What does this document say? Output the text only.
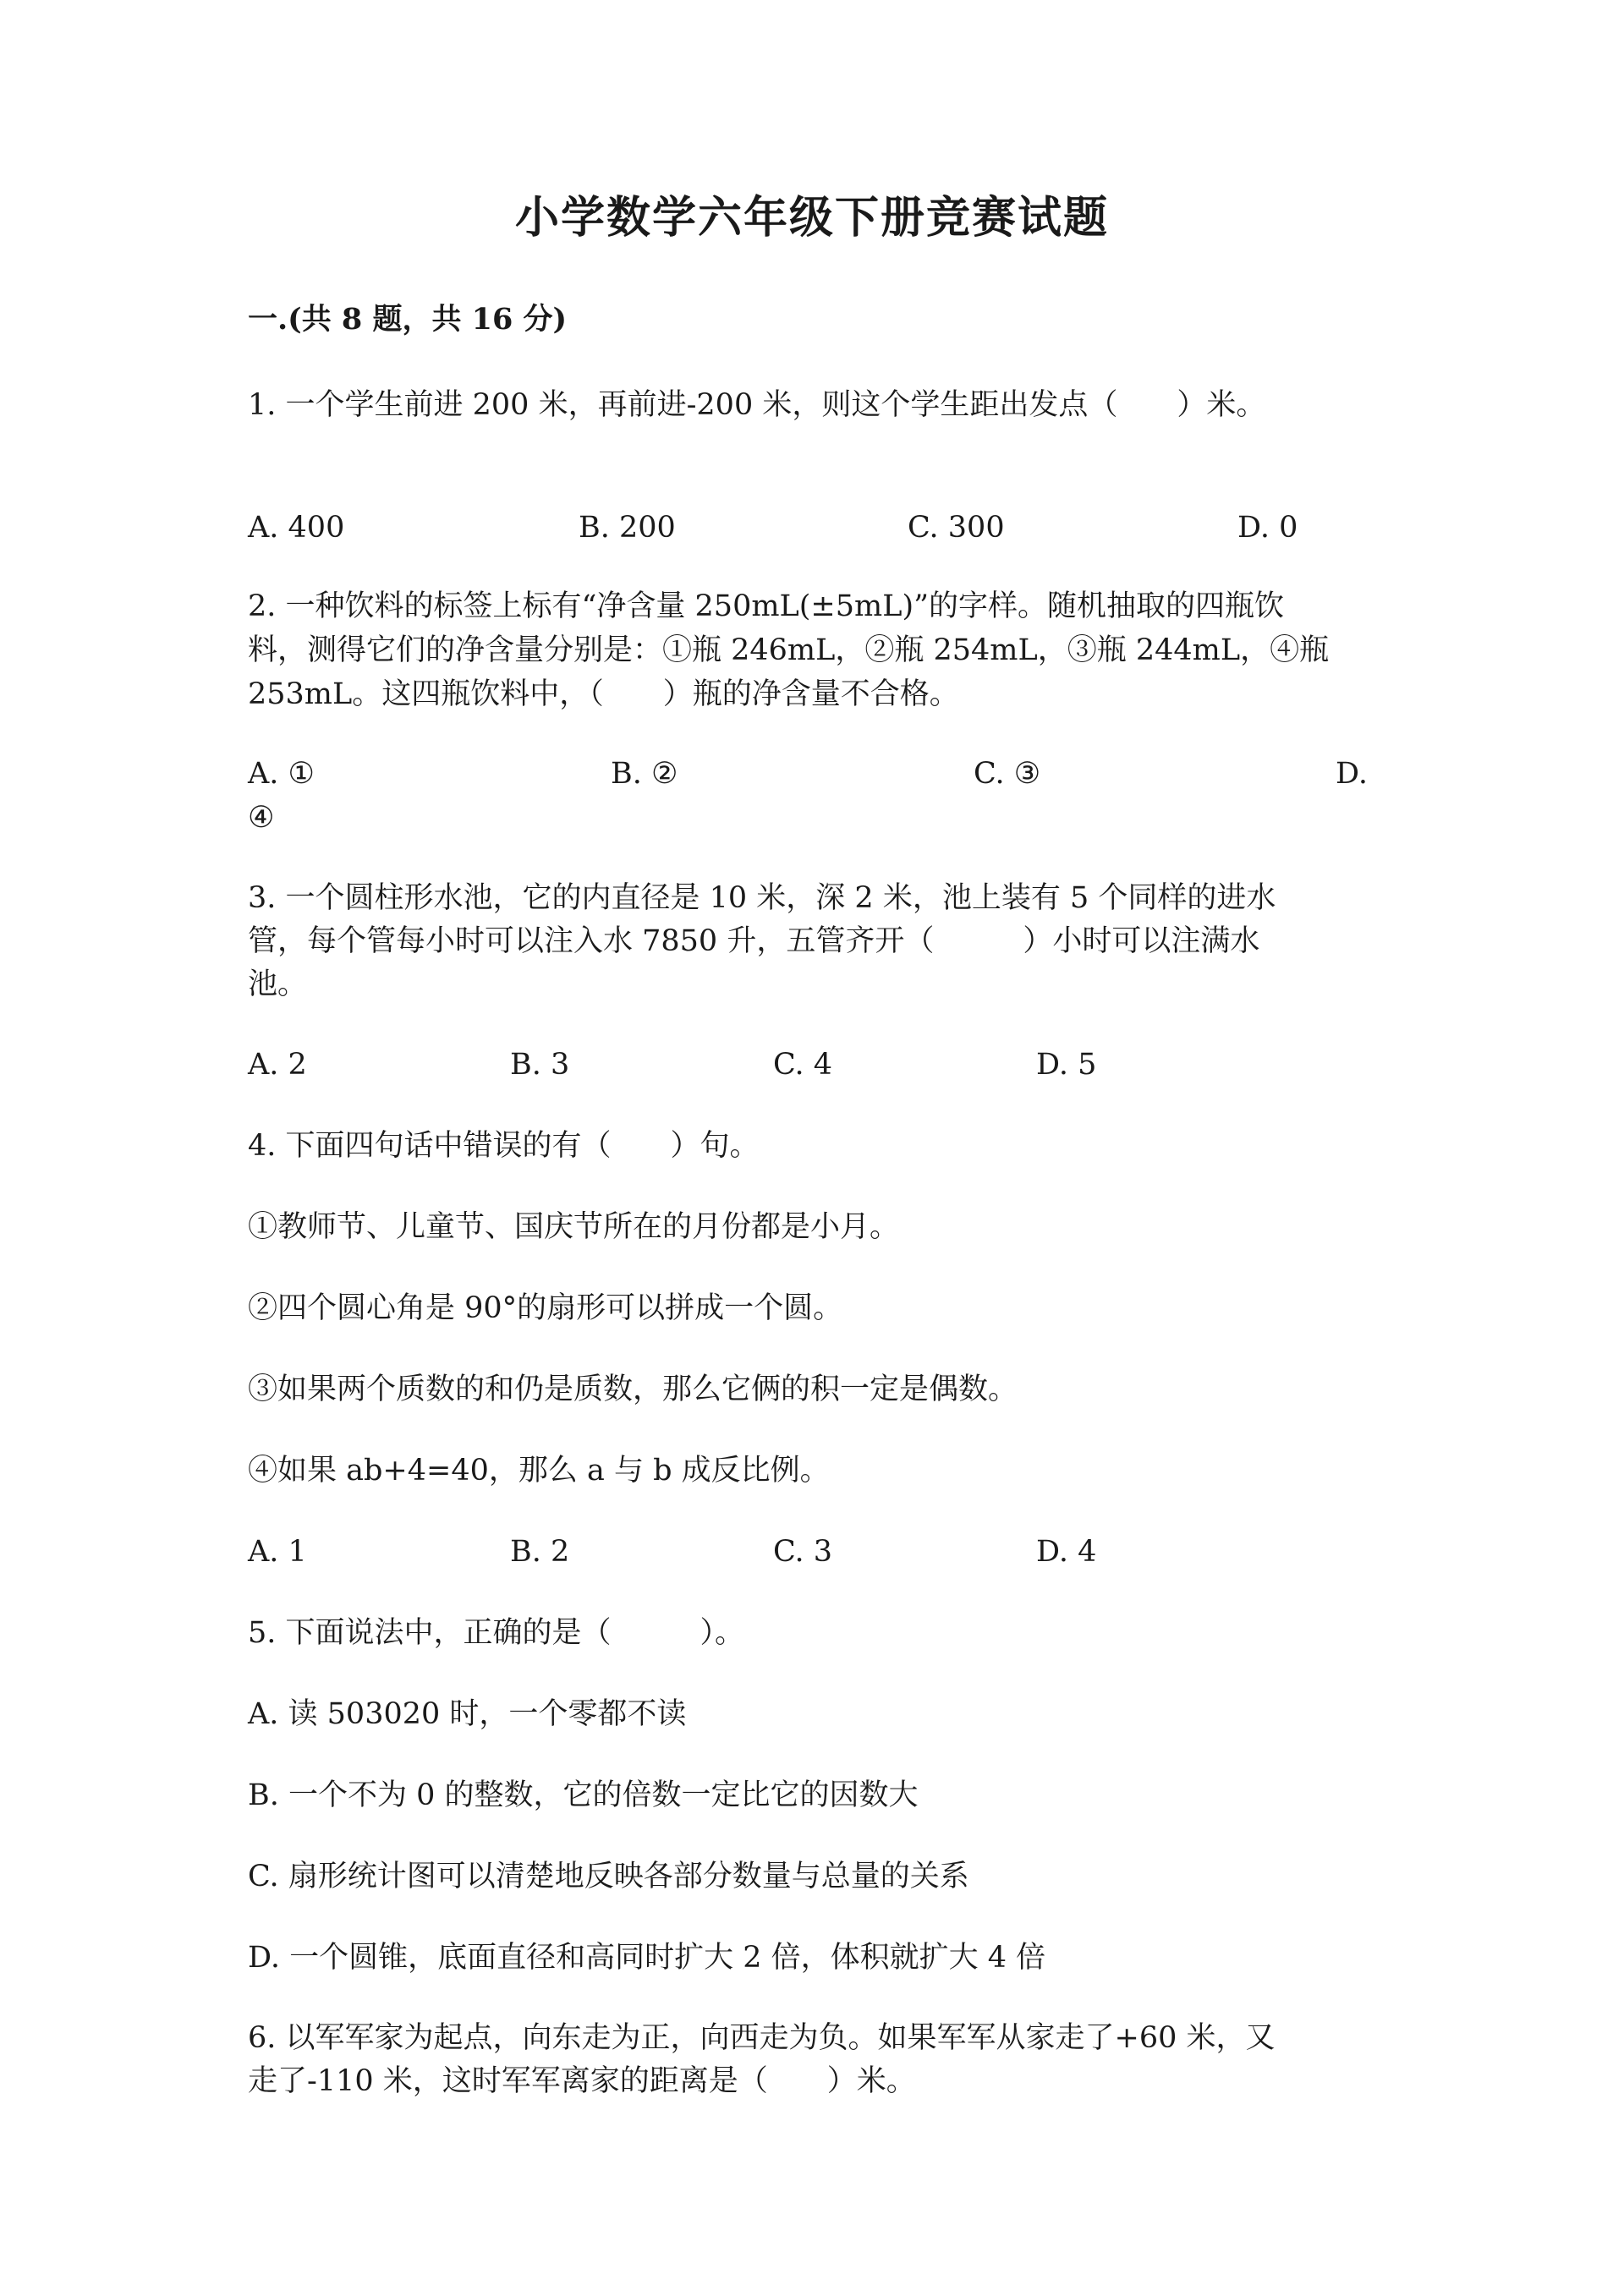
小学数学六年级下册竞赛试题
一.(共 8 题，共 16 分)
1. 一个学生前进 200 米，再前进-200 米，则这个学生距出发点（　　）米。
A. 400	B. 200	C. 300	D. 0
2. 一种饮料的标签上标有“净含量 250mL(±5mL)”的字样。随机抽取的四瓶饮
料，测得它们的净含量分别是：①瓶 246mL，②瓶 254mL，③瓶 244mL，④瓶
253mL。这四瓶饮料中，（　　）瓶的净含量不合格。
A. ①	B. ②	C. ③	D.
④
3. 一个圆柱形水池，它的内直径是 10 米，深 2 米，池上装有 5 个同样的进水
管，每个管每小时可以注入水 7850 升，五管齐开（　　　）小时可以注满水
池。
A. 2	B. 3	C. 4	D. 5
4. 下面四句话中错误的有（　　）句。
①教师节、儿童节、国庆节所在的月份都是小月。
②四个圆心角是 90°的扇形可以拼成一个圆。
③如果两个质数的和仍是质数，那么它俩的积一定是偶数。
④如果 ab+4=40，那么 a 与 b 成反比例。
A. 1	B. 2	C. 3	D. 4
5. 下面说法中，正确的是（　　　）。
A. 读 503020 时，一个零都不读
B. 一个不为 0 的整数，它的倍数一定比它的因数大
C. 扇形统计图可以清楚地反映各部分数量与总量的关系
D. 一个圆锥，底面直径和高同时扩大 2 倍，体积就扩大 4 倍
6. 以军军家为起点，向东走为正，向西走为负。如果军军从家走了+60 米，又
走了-110 米，这时军军离家的距离是（　　）米。
